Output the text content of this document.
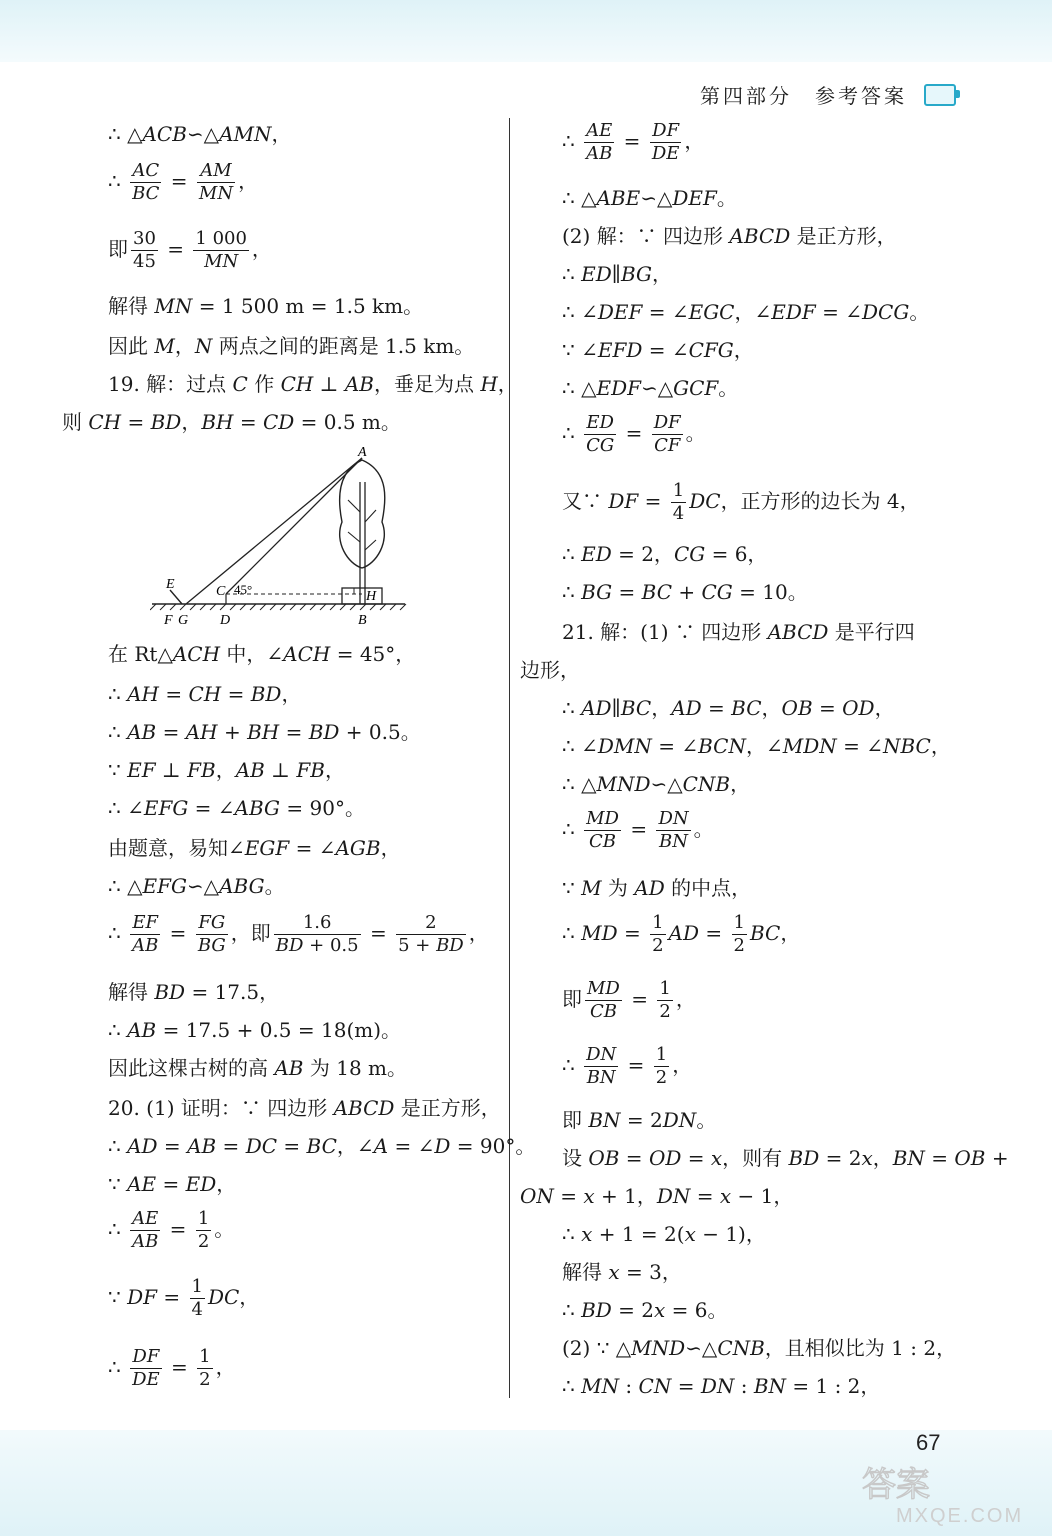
第四部分　参考答案
∴ △ACB∽△AMN，
∴ $\frac{AC}{BC} = \frac{AM}{MN}$ ，
即 $\frac{30}{45} = \frac{1 000}{MN}$ ，
解得 MN = 1 500 m = 1.5 km。
因此 M，N 两点之间的距离是 1.5 km。
19. 解：过点 C 作 CH ⊥ AB，垂足为点 H，
则 CH = BD，BH = CD = 0.5 m。
在 Rt△ACH 中，∠ACH = 45°，
∴ AH = CH = BD，
∴ AB = AH + BH = BD + 0.5。
∵ EF ⊥ FB，AB ⊥ FB，
∴ ∠EFG = ∠ABG = 90°。
由题意，易知∠EGF = ∠AGB，
∴ △EFG∽△ABG。
∴ $\frac{EF}{AB} = \frac{FG}{BG}$ ，即 $\frac{1.6}{BD + 0.5} = \frac{2}{5 + BD}$ ，
解得 BD = 17.5，
∴ AB = 17.5 + 0.5 = 18(m)。
因此这棵古树的高 AB 为 18 m。
20. (1) 证明：∵ 四边形 ABCD 是正方形，
∴ AD = AB = DC = BC，∠A = ∠D = 90°。
∵ AE = ED，
∴ $\frac{AE}{AB} = \frac{1}{2}$ 。
∵ DF = $\frac{1}{4}$ DC，
∴ $\frac{DF}{DE} = \frac{1}{2}$ ，
∴ $\frac{AE}{AB} = \frac{DF}{DE}$ ，
∴ △ABE∽△DEF。
(2) 解：∵ 四边形 ABCD 是正方形，
∴ ED∥BG，
∴ ∠DEF = ∠EGC，∠EDF = ∠DCG。
∵ ∠EFD = ∠CFG，
∴ △EDF∽△GCF。
∴ $\frac{ED}{CG} = \frac{DF}{CF}$ 。
又∵ DF = $\frac{1}{4}$ DC，正方形的边长为 4，
∴ ED = 2，CG = 6，
∴ BG = BC + CG = 10。
21. 解：(1) ∵ 四边形 ABCD 是平行四
边形，
∴ AD∥BC，AD = BC，OB = OD，
∴ ∠DMN = ∠BCN，∠MDN = ∠NBC，
∴ △MND∽△CNB，
∴ $\frac{MD}{CB} = \frac{DN}{BN}$ 。
∵ M 为 AD 的中点，
∴ MD = $\frac{1}{2}$ AD = $\frac{1}{2}$ BC，
即 $\frac{MD}{CB} = \frac{1}{2}$ ，
∴ $\frac{DN}{BN} = \frac{1}{2}$ ，
即 BN = 2DN。
设 OB = OD = x，则有 BD = 2x，BN = OB +
ON = x + 1，DN = x − 1，
∴ x + 1 = 2(x − 1)，
解得 x = 3，
∴ BD = 2x = 6。
(2) ∵ △MND∽△CNB，且相似比为 1 : 2，
∴ MN : CN = DN : BN = 1 : 2，
A
E	C 45°	H
F G D	B
67
答案
MXQE.COM
